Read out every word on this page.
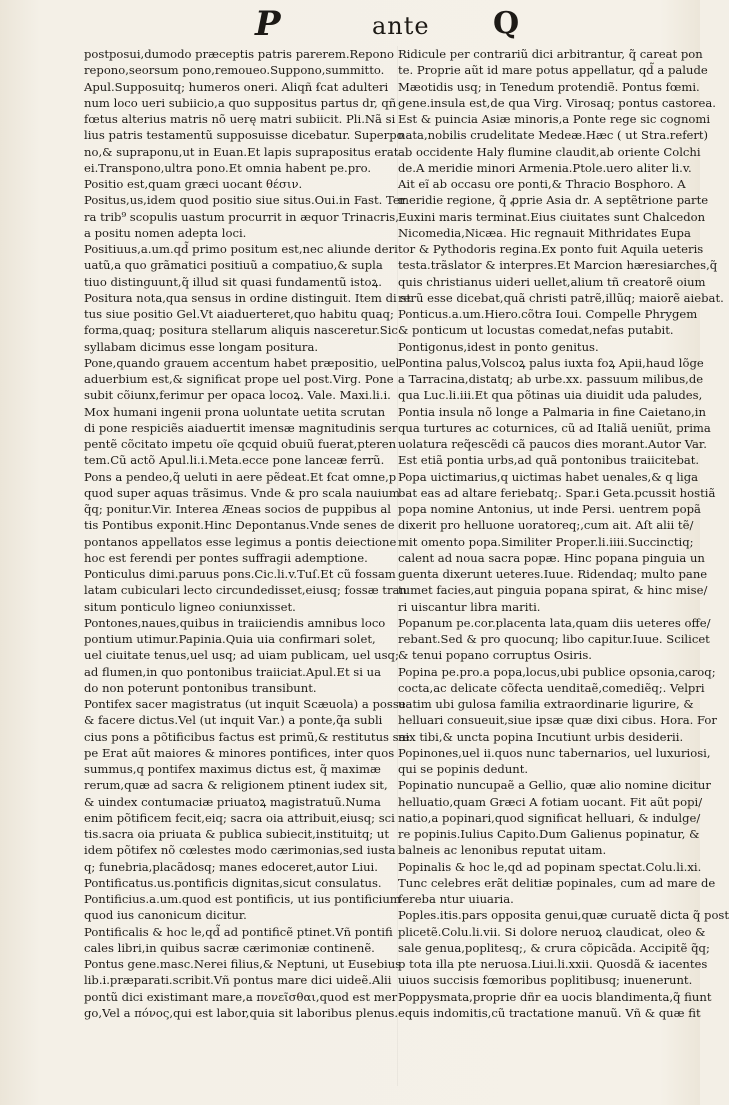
P	ante Q
postposui,dumodo præceptis patris parerem.Repono
repono,seorsum pono,remoueo.Suppono,summitto.
Apul.Supposuitq; humeros oneri. Aliqñ ẜcat adulteri
num loco ueri subiicio,a quo suppositus partus dr, qñ
fœtus alterius matris nõ uerę matri subiicit. Pli.Nã si
lius patris testamentũ supposuisse dicebatur. Superpo
no,& supraponu,ut in Euan.Et lapis suprapositus erat
ei.Transpono,ultra pono.Et omnia habent pe.pro.
Positio est,quam græci uocant θέσιν.
Positus,us,idem quod positio siue situs.Oui.in Fast. Ter
ra trib⁹ scopulis uastum procurrit in æquor Trinacris,
a positu nomen adepta loci.
Positiuus,a.um.qd̃ primo positum est,nec aliunde deri
uatũ,a quo grãmatici positiuũ a compatiuo,& supla
tiuo distinguunt,q̃ illud sit quasi fundamentũ istoꝝ.
Positura nota,qua sensus in ordine distinguit. Item di st
tus siue positio Gel.Vt aiaduerteret,quo habitu quaq;
forma,quaq; positura stellarum aliquis nasceretur.Sic
syllabam dicimus esse longam positura.
Pone,quando grauem accentum habet præpositio, uel
aduerbium est,& significat prope uel post.Virg. Pone
subit cõiunx,ferimur per opaca locoꝝ. Vale. Maxi.li.i.
Mox humani ingenii prona uoluntate uetita scrutan
di pone respiciẽs aiaduertit imensæ magnitudinis ser
pentẽ cõcitato impetu oĩe qcquid obuiũ fuerat,pteren
tem.Cũ actõ Apul.li.i.Meta.ecce pone lanceæ ferrũ.
Pons a pendeo,q̃ ueluti in aere pẽdeat.Et ẜcat omne,p
quod super aquas trãsimus. Vnde & pro scala nauium
q̃q; ponitur.Vir. Interea Æneas socios de puppibus al
tis Pontibus exponit.Hinc Depontanus.Vnde senes de
pontanos appellatos esse legimus a pontis deiectione
hoc est ferendi per pontes suffragii ademptione.
Ponticulus dimi.paruus pons.Cic.li.v.Tuſ.Et cũ fossam
latam cubiculari lecto circundedisset,eiusq; fossæ tran
situm ponticulo ligneo coniunxisset.
Pontones,naues,quibus in traiiciendis amnibus loco
pontium utimur.Papinia.Quia uia confirmari solet,
uel ciuitate tenus,uel usq; ad uiam publicam, uel usq;
ad flumen,in quo pontonibus traiiciat.Apul.Et si ua
do non poterunt pontonibus transibunt.
Pontifex sacer magistratus (ut inquit Scæuola) a posse
& facere dictus.Vel (ut inquit Var.) a ponte,q̃a subli
cius pons a põtificibus factus est primũ,& restitutus sæ
pe Erat aũt maiores & minores pontifices, inter quos
summus,q pontifex maximus dictus est, q̃ maximæ
rerum,quæ ad sacra & religionem ptinent iudex sit,
& uindex contumaciæ priuatoꝝ magistratuũ.Numa
enim põtificem fecit,eiq; sacra oia attribuit,eiusq; sci
tis.sacra oia priuata & publica subiecit,instituitq; ut
idem põtifex nõ cœlestes modo cærimonias,sed iusta
q; funebria,placãdosq; manes edoceret,autor Liui.
Pontificatus.us.pontificis dignitas,sicut consulatus.
Pontificius.a.um.quod est pontificis, ut ius pontificium
quod ius canonicum dicitur.
Pontificalis & hoc le,qd̃ ad pontificẽ ptinet.Vñ pontifi
cales libri,in quibus sacræ cærimoniæ continenẽ.
Pontus gene.masc.Nerei filius,& Neptuni, ut Eusebius
lib.i.præparati.scribit.Vñ pontus mare dici uideẽ.Alii
pontũ dici existimant mare,a πονεῖσθαι,quod est mer
go,Vel a πόνος,qui est labor,quia sit laboribus plenus.
Ridicule per contrariũ dici arbitrantur, q̃ careat pon
te. Proprie aũt id mare potus appellatur, qd̃ a palude
Mæotidis usq; in Tenedum protendiẽ. Pontus fœmi.
gene.insula est,de qua Virg. Virosaq; pontus castorea.
Est & puincia Asiæ minoris,a Ponte rege sic cognomi
nata,nobilis crudelitate Medeæ.Hæc ( ut Stra.refert)
ab occidente Haly flumine claudit,ab oriente Colchi
de.A meridie minori Armenia.Ptole.uero aliter li.v.
Ait eĩ ab occasu ore ponti,& Thracio Bosphoro. A
meridie regione, q̃ ꝓprie Asia dr. A septẽtrione parte
Euxini maris terminat.Eius ciuitates sunt Chalcedon
Nicomedia,Nicæa. Hic regnauit Mithridates Eupa
tor & Pythodoris regina.Ex ponto fuit Aquila ueteris
testa.trãslator & interpres.Et Marcion hæresiarches,q̃
quis christianus uideri uellet,alium tñ creatorẽ oium
rerũ esse dicebat,quã christi patrẽ,illũq; maiorẽ aiebat.
Ponticus.a.um.Hiero.cõtra Ioui. Compelle Phrygem
& ponticum ut locustas comedat,nefas putabit.
Pontigonus,idest in ponto genitus.
Pontina palus,Volscoꝝ palus iuxta foꝝ Apii,haud lõge
a Tarracina,distatq; ab urbe.xx. passuum milibus,de
qua Luc.li.iii.Et qua põtinas uia diuidit uda paludes,
Pontia insula nõ longe a Palmaria in fine Caietano,in
qua turtures ac coturnices, cũ ad Italiã ueniũt, prima
uolatura req̃escẽdi cã paucos dies morant.Autor Var.
Est etiã pontia urbs,ad quã pontonibus traiicitebat.
Popa uictimarius,q uictimas habet uenales,& q liga
bat eas ad altare feriebatq;. Spar.i Geta.pcussit hostiã
popa nomine Antonius, ut inde Persi. uentrem popã
dixerit pro helluone uoratoreq;,cum ait. Aſt alii tẽ/
mit omento popa.Similiter Proper.li.iiii.Succinctiq;
calent ad noua sacra popæ. Hinc popana pinguia un
guenta dixerunt ueteres.Iuue. Ridendaq; multo pane
tumet facies,aut pinguia popana spirat, & hinc mise/
ri uiscantur libra mariti.
Popanum pe.cor.placenta lata,quam diis ueteres offe/
rebant.Sed & pro quocunq; libo capitur.Iuue. Scilicet
& tenui popano corruptus Osiris.
Popina pe.pro.a popa,locus,ubi publice opsonia,caroq;
cocta,ac delicate cõfecta uenditaẽ,comediẽq;. Velpri
uatim ubi gulosa familia extraordinarie ligurire, &
helluari consueuit,siue ipsæ quæ dixi cibus. Hora. For
nix tibi,& uncta popina Incutiunt urbis desiderii.
Popinones,uel ii.quos nunc tabernarios, uel luxuriosi,
qui se popinis dedunt.
Popinatio nuncupaẽ a Gellio, quæ alio nomine dicitur
helluatio,quam Græci A fotiam uocant. Fit aũt popi/
natio,a popinari,quod significat helluari, & indulge/
re popinis.Iulius Capito.Dum Galienus popinatur, &
balneis ac lenonibus reputat uitam.
Popinalis & hoc le,qd ad popinam spectat.Colu.li.xi.
Tunc celebres erãt delitiæ popinales, cum ad mare de
fereba ntur uiuaria.
Poples.itis.pars opposita genui,quæ curuatẽ dicta q̃ post
plicetẽ.Colu.li.vii. Si dolore neruoꝝ claudicat, oleo &
sale genua,poplitesq;, & crura cõpicãda. Accipitẽ q̃q;
p tota illa pte neruosa.Liui.li.xxii. Quosdã & iacentes
uiuos succisis fœmoribus poplitibusq; inuenerunt.
Poppysmata,proprie dñr ea uocis blandimenta,q̃ fiunt
equis indomitis,cũ tractatione manuũ. Vñ & quæ fit
